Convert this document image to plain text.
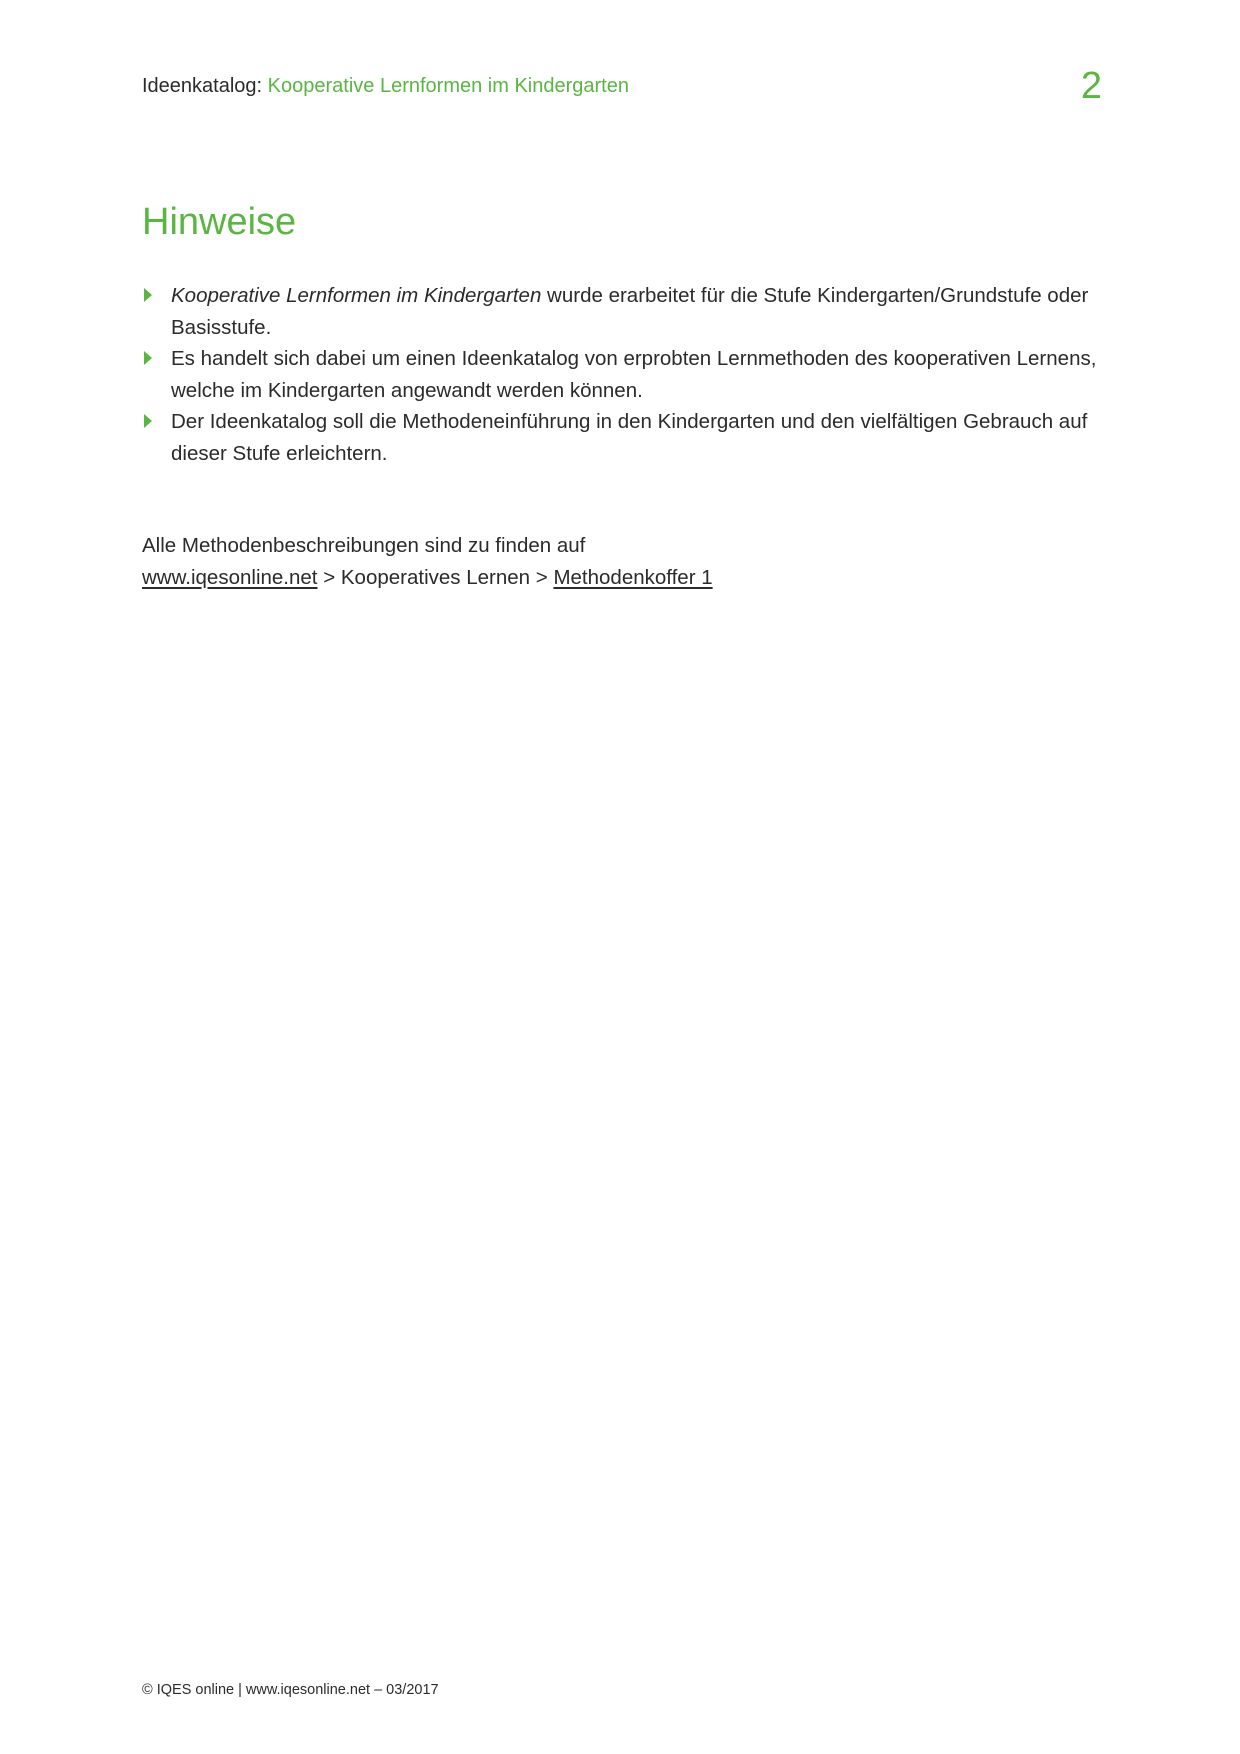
Ideenkatalog: Kooperative Lernformen im Kindergarten	2
Hinweise
Kooperative Lernformen im Kindergarten wurde erarbeitet für die Stufe Kindergarten/Grundstufe oder Basisstufe.
Es handelt sich dabei um einen Ideenkatalog von erprobten Lernmethoden des kooperativen Lernens, welche im Kindergarten angewandt werden können.
Der Ideenkatalog soll die Methodeneinführung in den Kindergarten und den vielfältigen Gebrauch auf dieser Stufe erleichtern.
Alle Methodenbeschreibungen sind zu finden auf
www.iqesonline.net > Kooperatives Lernen > Methodenkoffer 1
© IQES online | www.iqesonline.net – 03/2017
